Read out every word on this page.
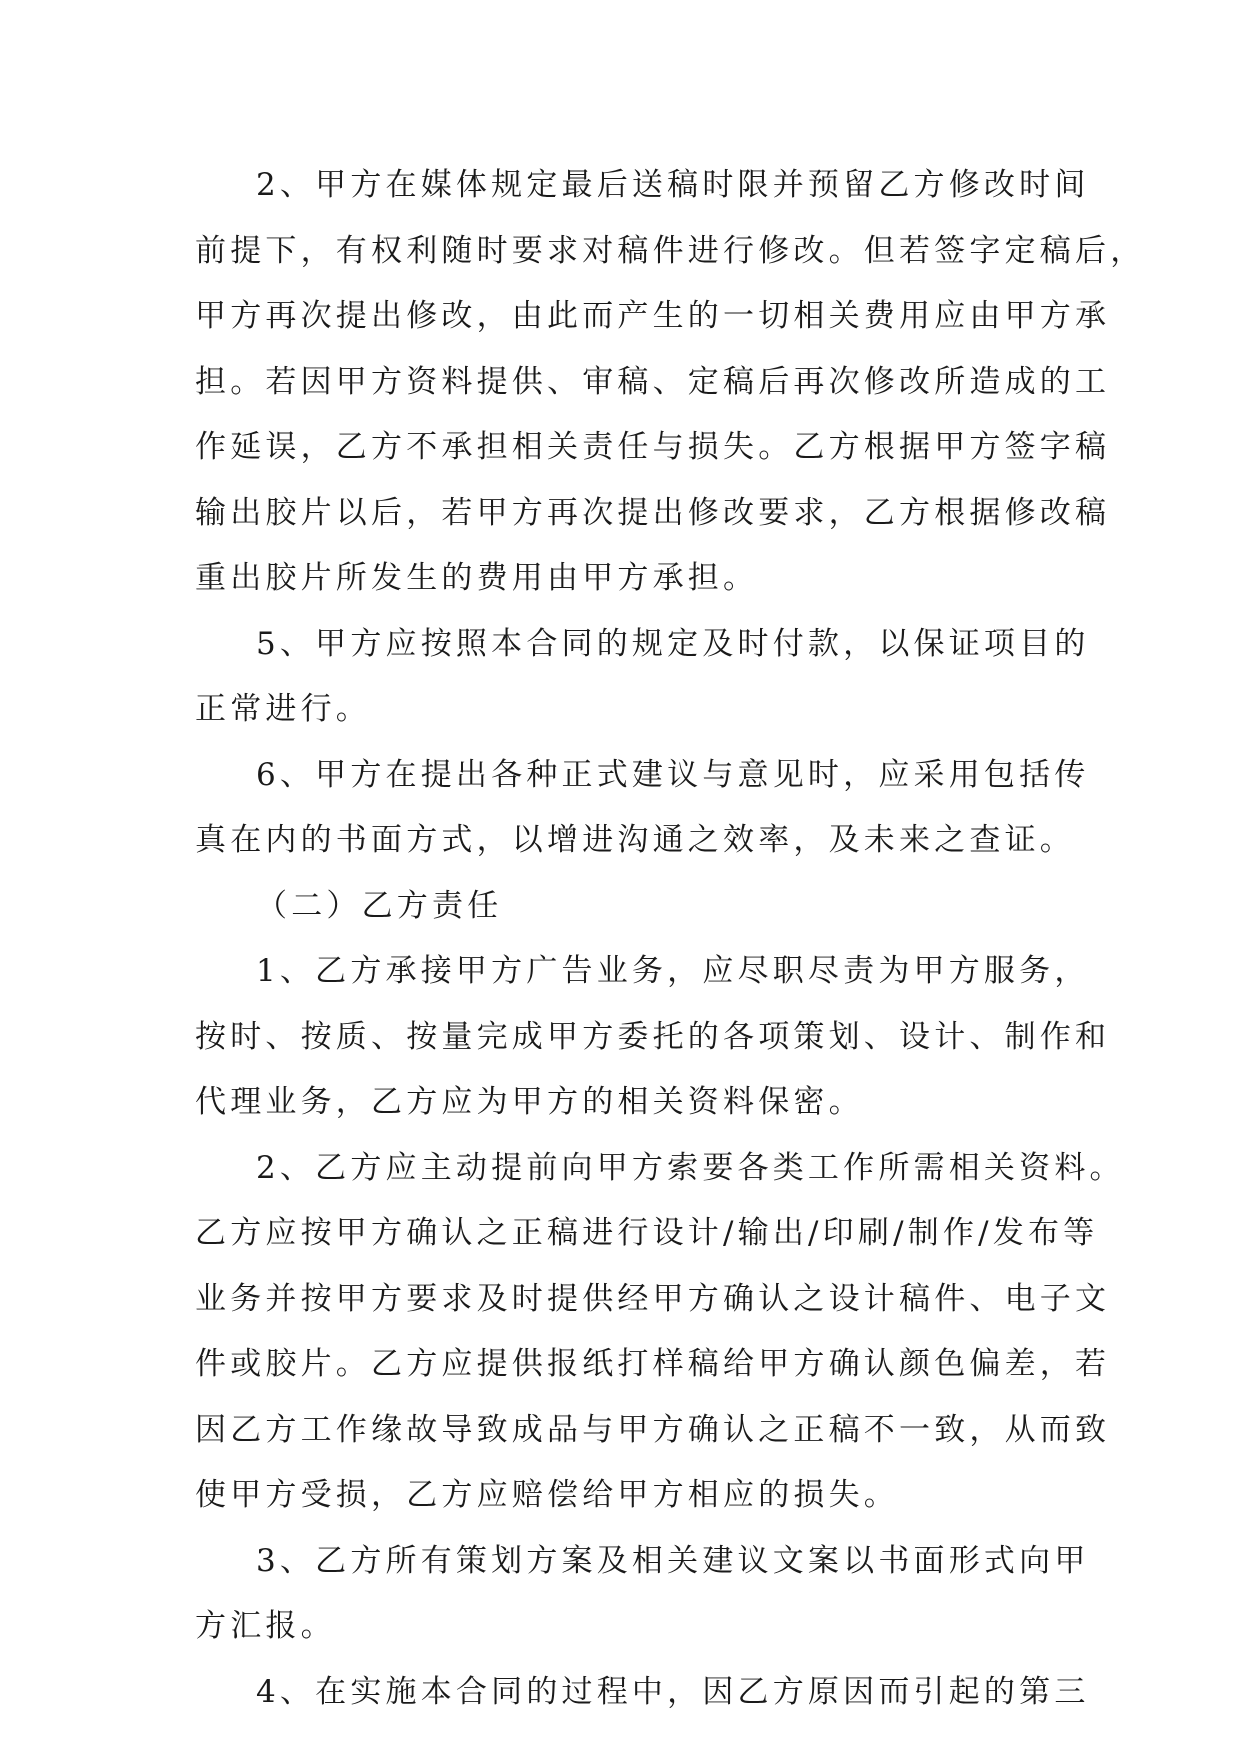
2、甲方在媒体规定最后送稿时限并预留乙方修改时间
前提下，有权利随时要求对稿件进行修改。但若签字定稿后，
甲方再次提出修改，由此而产生的一切相关费用应由甲方承
担。若因甲方资料提供、审稿、定稿后再次修改所造成的工
作延误，乙方不承担相关责任与损失。乙方根据甲方签字稿
输出胶片以后，若甲方再次提出修改要求，乙方根据修改稿
重出胶片所发生的费用由甲方承担。
5、甲方应按照本合同的规定及时付款，以保证项目的
正常进行。
6、甲方在提出各种正式建议与意见时，应采用包括传
真在内的书面方式，以增进沟通之效率，及未来之查证。
（二）乙方责任
1、乙方承接甲方广告业务，应尽职尽责为甲方服务，
按时、按质、按量完成甲方委托的各项策划、设计、制作和
代理业务，乙方应为甲方的相关资料保密。
2、乙方应主动提前向甲方索要各类工作所需相关资料。
乙方应按甲方确认之正稿进行设计/输出/印刷/制作/发布等
业务并按甲方要求及时提供经甲方确认之设计稿件、电子文
件或胶片。乙方应提供报纸打样稿给甲方确认颜色偏差，若
因乙方工作缘故导致成品与甲方确认之正稿不一致，从而致
使甲方受损，乙方应赔偿给甲方相应的损失。
3、乙方所有策划方案及相关建议文案以书面形式向甲
方汇报。
4、在实施本合同的过程中，因乙方原因而引起的第三
